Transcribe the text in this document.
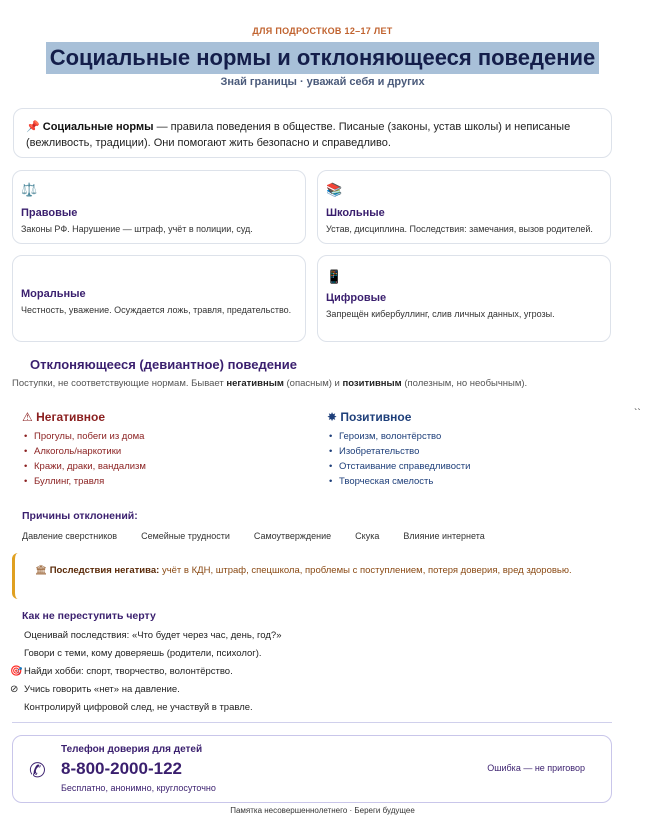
ДЛЯ ПОДРОСТКОВ 12–17 ЛЕТ
Социальные нормы и отклоняющееся поведение
Знай границы · уважай себя и других
📌 Социальные нормы — правила поведения в обществе. Писаные (законы, устав школы) и неписаные (вежливость, традиции). Они помогают жить безопасно и справедливо.
⚖️
Правовые
Законы РФ. Нарушение — штраф, учёт в полиции, суд.
📚
Школьные
Устав, дисциплина. Последствия: замечания, вызов родителей.
Моральные
Честность, уважение. Осуждается ложь, травля, предательство.
📱
Цифровые
Запрещён кибербуллинг, слив личных данных, угрозы.
Отклоняющееся (девиантное) поведение
Поступки, не соответствующие нормам. Бывает негативным (опасным) и позитивным (полезным, но необычным).
⚠ Негативное
• Прогулы, побеги из дома
• Алкоголь/наркотики
• Кражи, драки, вандализм
• Буллинг, травля
✸ Позитивное
• Героизм, волонтёрство
• Изобретательство
• Отстаивание справедливости
• Творческая смелость
``
Причины отклонений:
Давление сверстников	Семейные трудности	Самоутверждение	Скука	Влияние интернета
🏛 Последствия негатива: учёт в КДН, штраф, спецшкола, проблемы с поступлением, потеря доверия, вред здоровью.
Как не переступить черту
Оценивай последствия: «Что будет через час, день, год?»
Говори с теми, кому доверяешь (родители, психолог).
🎯 Найди хобби: спорт, творчество, волонтёрство.
⊘ Учись говорить «нет» на давление.
Контролируй цифровой след, не участвуй в травле.
✆
Телефон доверия для детей
8-800-2000-122
Бесплатно, анонимно, круглосуточно
Ошибка — не приговор
Памятка несовершеннолетнего · Береги будущее
